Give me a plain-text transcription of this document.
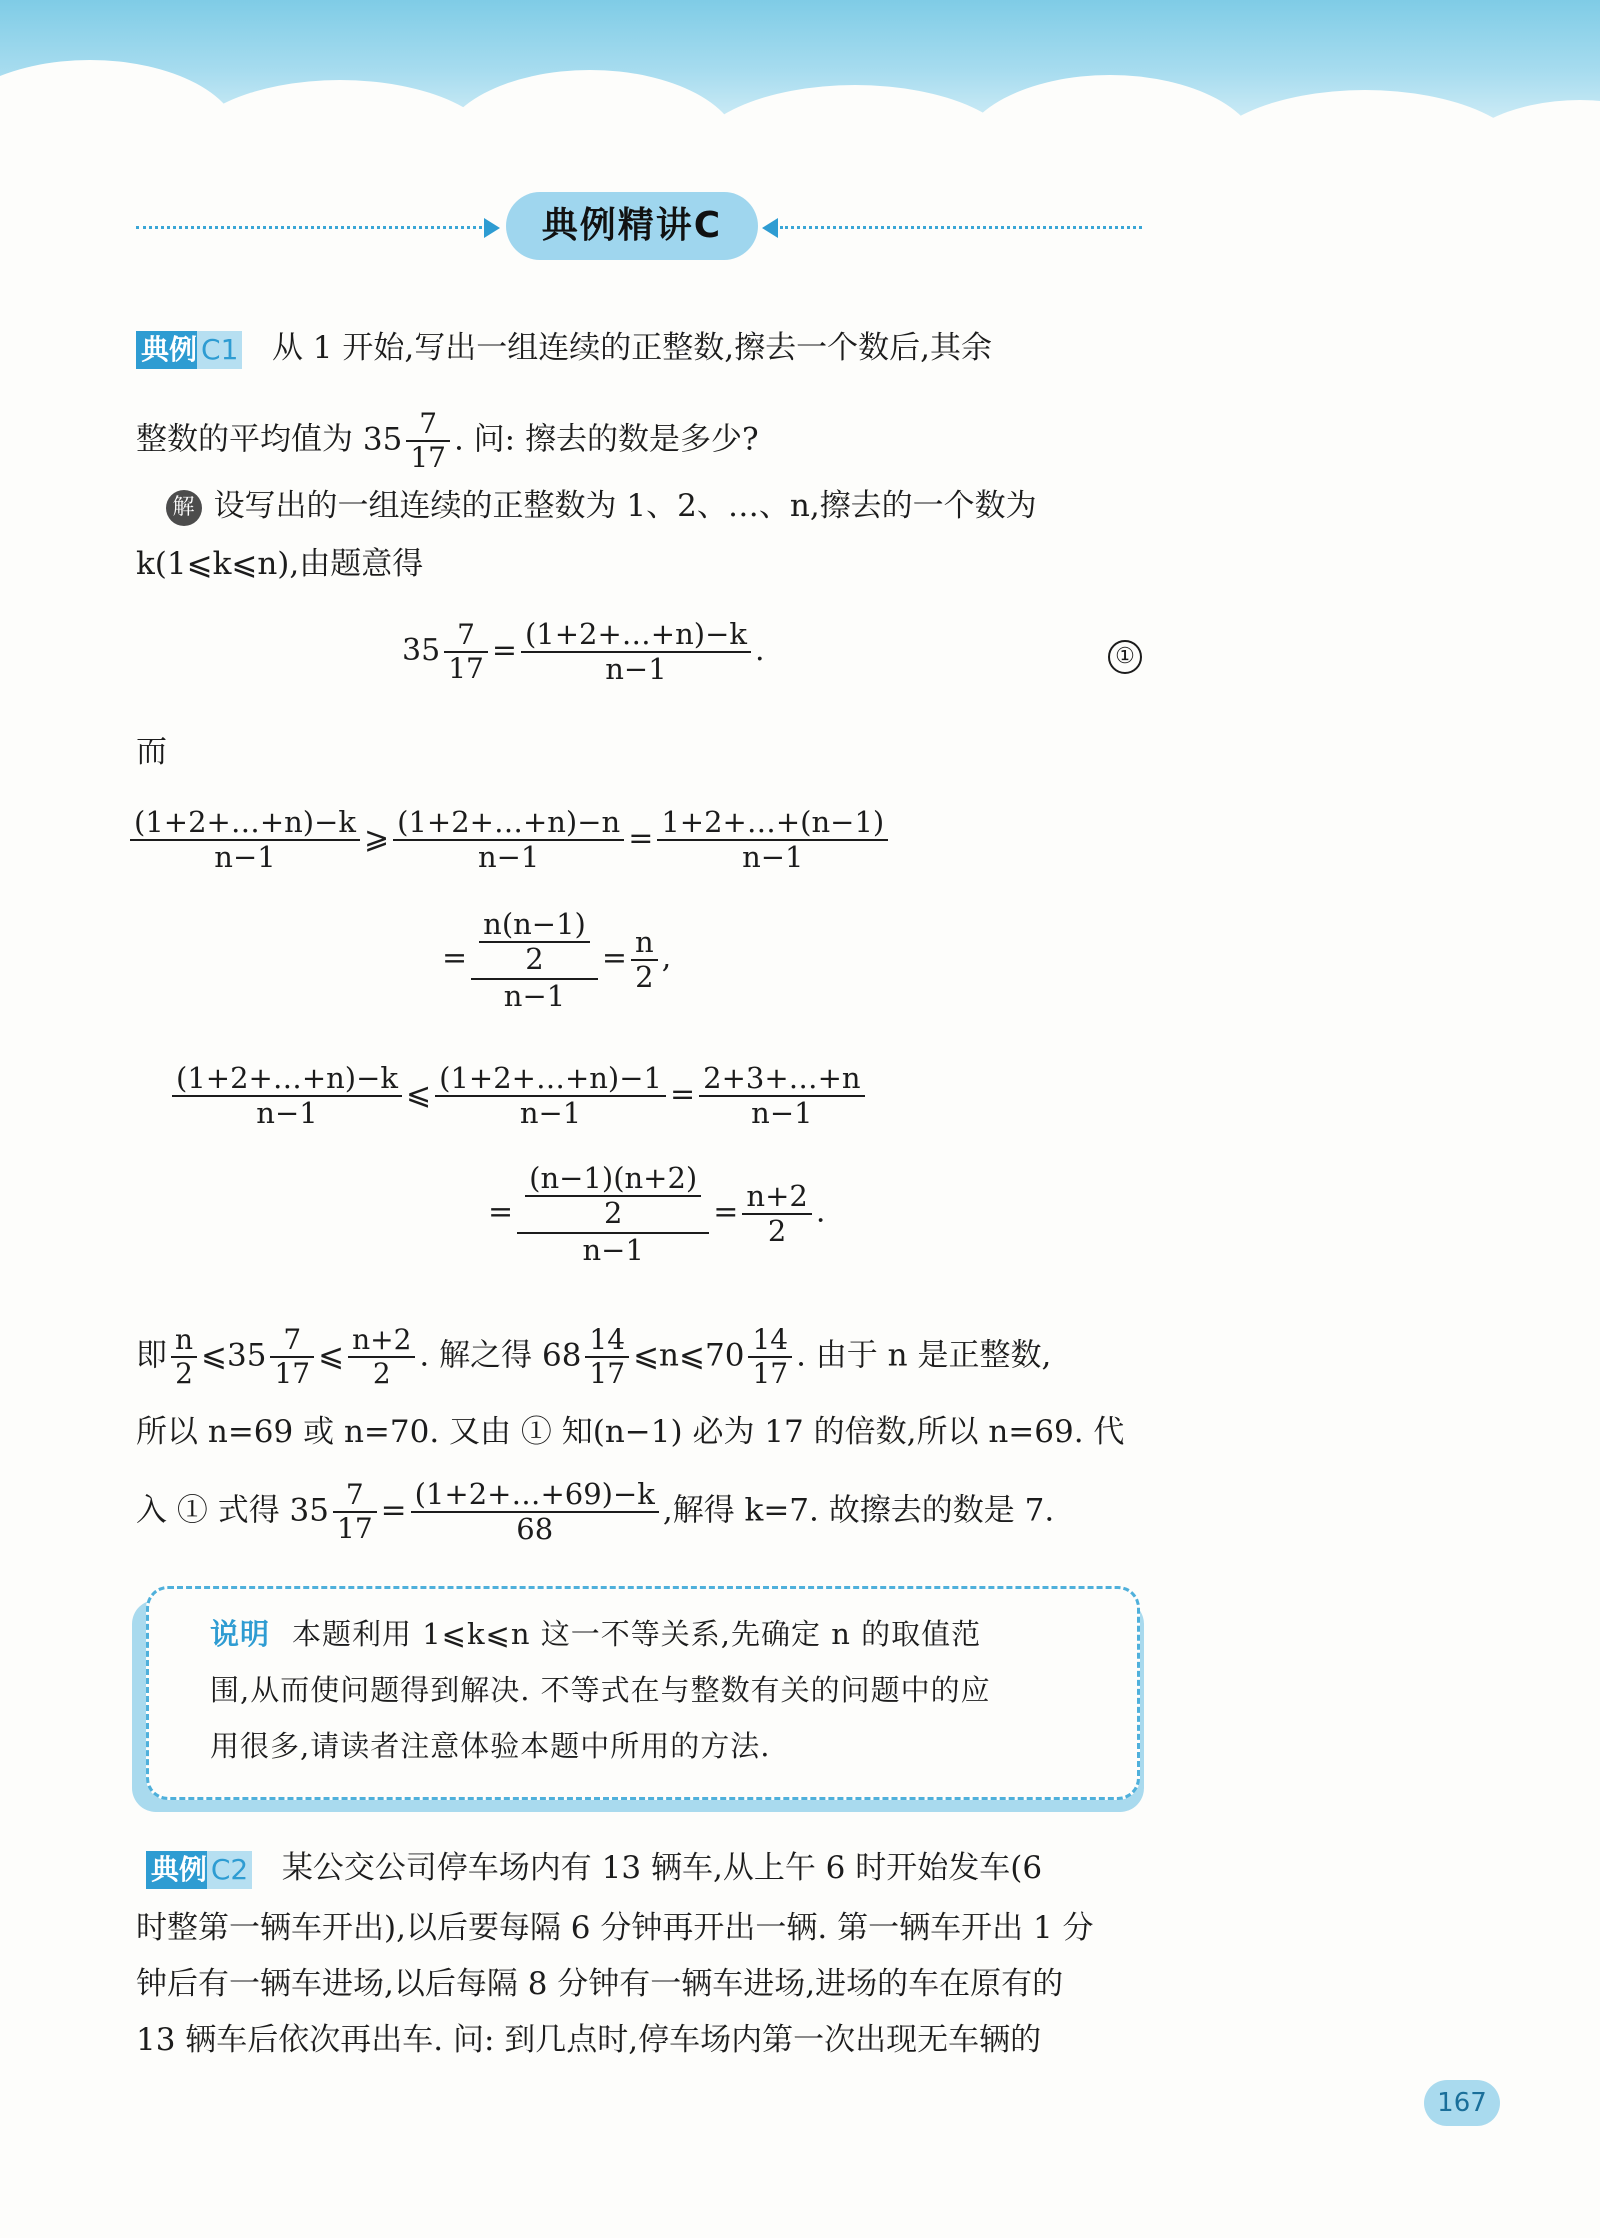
典例精讲C
典例 C1 从 1 开始,写出一组连续的正整数,擦去一个数后,其余
整数的平均值为 $35 \frac{7}{17}$ . 问: 擦去的数是多少?
解 设写出的一组连续的正整数为 1、2、…、n,擦去的一个数为
k(1⩽k⩽n),由题意得
$35 \frac{7}{17} = \frac{(1+2+\dots+n)-k}{n-1}$ .	①
而
$\frac{(1+2+\dots+n)-k}{n-1}$ ⩾ $\frac{(1+2+\dots+n)-n}{n-1} = \frac{1+2+\dots+(n-1)}{n-1}$
= $\frac{\frac{n(n-1)}{2}}{n-1} = \frac{n}{2}$ ,
$\frac{(1+2+\dots+n)-k}{n-1}$ ⩽ $\frac{(1+2+\dots+n)-1}{n-1} = \frac{2+3+\dots+n}{n-1}$
= $\frac{\frac{(n-1)(n+2)}{2}}{n-1} = \frac{n+2}{2}$ .
即 $\frac{n}{2}$ ⩽35 $\frac{7}{17}$ ⩽ $\frac{n+2}{2}$ . 解之得 $68 \frac{14}{17}$ ⩽n⩽70 $\frac{14}{17}$ . 由于 n 是正整数,
所以 n=69 或 n=70. 又由 ① 知(n−1) 必为 17 的倍数,所以 n=69. 代
入 ① 式得 $35 \frac{7}{17} = \frac{(1+2+\dots+69)-k}{68}$ ,解得 k=7. 故擦去的数是 7.
说明 本题利用 1⩽k⩽n 这一不等关系,先确定 n 的取值范
围,从而使问题得到解决. 不等式在与整数有关的问题中的应
用很多,请读者注意体验本题中所用的方法.
典例 C2 某公交公司停车场内有 13 辆车,从上午 6 时开始发车(6
时整第一辆车开出),以后要每隔 6 分钟再开出一辆. 第一辆车开出 1 分
钟后有一辆车进场,以后每隔 8 分钟有一辆车进场,进场的车在原有的
13 辆车后依次再出车. 问: 到几点时,停车场内第一次出现无车辆的
167
